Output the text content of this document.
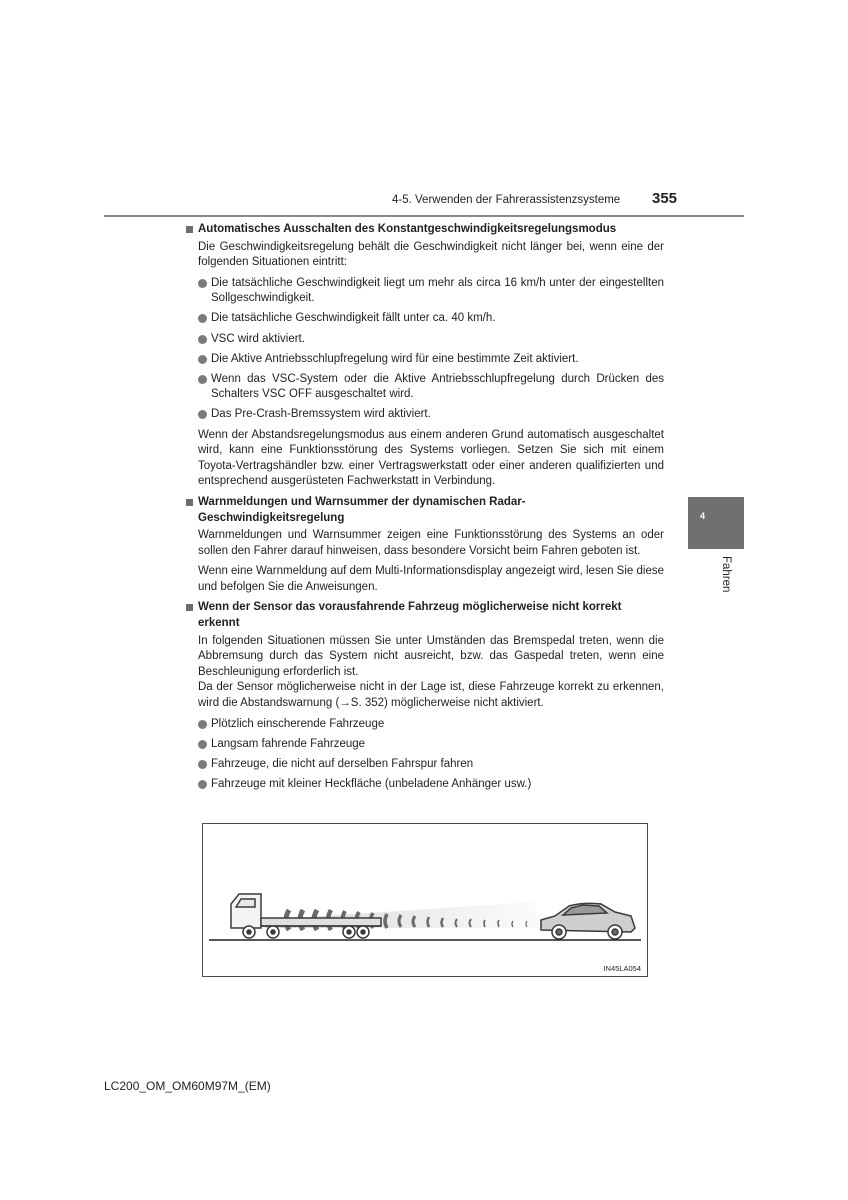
4-5. Verwenden der Fahrerassistenzsysteme 355
4
Fahren
Automatisches Ausschalten des Konstantgeschwindigkeitsregelungsmodus
Die Geschwindigkeitsregelung behält die Geschwindigkeit nicht länger bei, wenn eine der folgenden Situationen eintritt:
Die tatsächliche Geschwindigkeit liegt um mehr als circa 16 km/h unter der eingestellten Sollgeschwindigkeit.
Die tatsächliche Geschwindigkeit fällt unter ca. 40 km/h.
VSC wird aktiviert.
Die Aktive Antriebsschlupfregelung wird für eine bestimmte Zeit aktiviert.
Wenn das VSC-System oder die Aktive Antriebsschlupfregelung durch Drücken des Schalters VSC OFF ausgeschaltet wird.
Das Pre-Crash-Bremssystem wird aktiviert.
Wenn der Abstandsregelungsmodus aus einem anderen Grund automatisch ausgeschaltet wird, kann eine Funktionsstörung des Systems vorliegen. Setzen Sie sich mit einem Toyota-Vertragshändler bzw. einer Vertragswerkstatt oder einer anderen qualifizierten und entsprechend ausgerüsteten Fachwerkstatt in Verbindung.
Warnmeldungen und Warnsummer der dynamischen Radar-Geschwindigkeitsregelung
Warnmeldungen und Warnsummer zeigen eine Funktionsstörung des Systems an oder sollen den Fahrer darauf hinweisen, dass besondere Vorsicht beim Fahren geboten ist.
Wenn eine Warnmeldung auf dem Multi-Informationsdisplay angezeigt wird, lesen Sie diese und befolgen Sie die Anweisungen.
Wenn der Sensor das vorausfahrende Fahrzeug möglicherweise nicht korrekt erkennt
In folgenden Situationen müssen Sie unter Umständen das Bremspedal treten, wenn die Abbremsung durch das System nicht ausreicht, bzw. das Gaspedal treten, wenn eine Beschleunigung erforderlich ist.
Da der Sensor möglicherweise nicht in der Lage ist, diese Fahrzeuge korrekt zu erkennen, wird die Abstandswarnung (→S. 352) möglicherweise nicht aktiviert.
Plötzlich einscherende Fahrzeuge
Langsam fahrende Fahrzeuge
Fahrzeuge, die nicht auf derselben Fahrspur fahren
Fahrzeuge mit kleiner Heckfläche (unbeladene Anhänger usw.)
IN45LA054
LC200_OM_OM60M97M_(EM)
